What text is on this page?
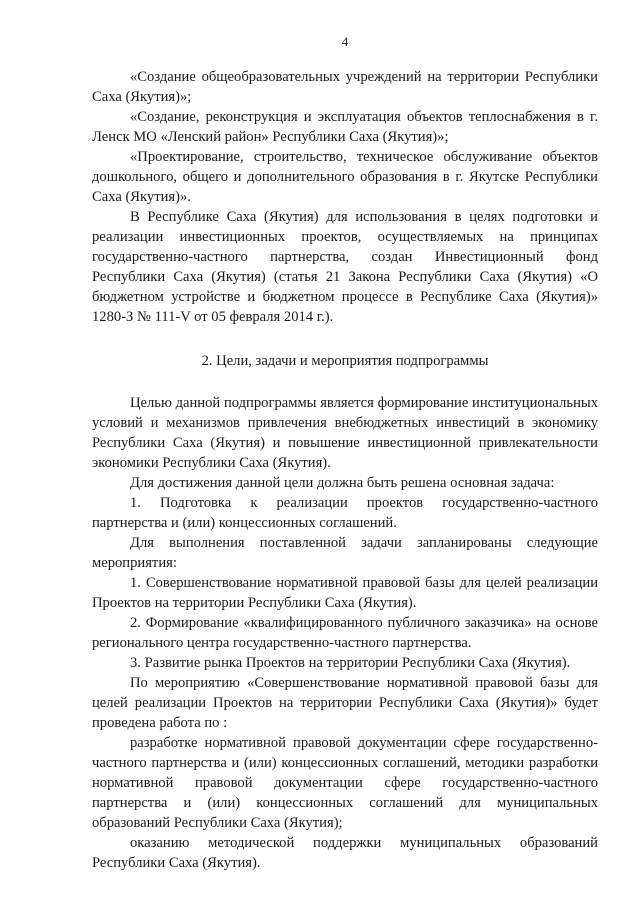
4

«Создание общеобразовательных учреждений на территории Республики Саха (Якутия)»;

«Создание, реконструкция и эксплуатация объектов теплоснабжения в г. Ленск МО «Ленский район» Республики Саха (Якутия)»;

«Проектирование, строительство, техническое обслуживание объектов дошкольного, общего и дополнительного образования в г. Якутске Республики Саха (Якутия)».

В Республике Саха (Якутия) для использования в целях подготовки и реализации инвестиционных проектов, осуществляемых на принципах государственно-частного партнерства, создан Инвестиционный фонд Республики Саха (Якутия) (статья 21 Закона Республики Саха (Якутия) «О бюджетном устройстве и бюджетном процессе в Республике Саха (Якутия)» 1280-З № 111-V от 05 февраля 2014 г.).

2. Цели, задачи и мероприятия подпрограммы

Целью данной подпрограммы является формирование институциональных условий и механизмов привлечения внебюджетных инвестиций в экономику Республики Саха (Якутия) и повышение инвестиционной привлекательности экономики Республики Саха (Якутия).

Для достижения данной цели должна быть решена основная задача:

1. Подготовка к реализации проектов государственно-частного партнерства и (или) концессионных соглашений.

Для выполнения поставленной задачи запланированы следующие мероприятия:

1. Совершенствование нормативной правовой базы для целей реализации Проектов на территории Республики Саха (Якутия).

2. Формирование «квалифицированного публичного заказчика» на основе регионального центра государственно-частного партнерства.

3. Развитие рынка Проектов на территории Республики Саха (Якутия).

По мероприятию «Совершенствование нормативной правовой базы для целей реализации Проектов на территории Республики Саха (Якутия)» будет проведена работа по :

разработке нормативной правовой документации сфере государственно-частного партнерства и (или) концессионных соглашений, методики разработки нормативной правовой документации сфере государственно-частного партнерства и (или) концессионных соглашений для муниципальных образований Республики Саха (Якутия);

оказанию методической поддержки муниципальных образований Республики Саха (Якутия).
